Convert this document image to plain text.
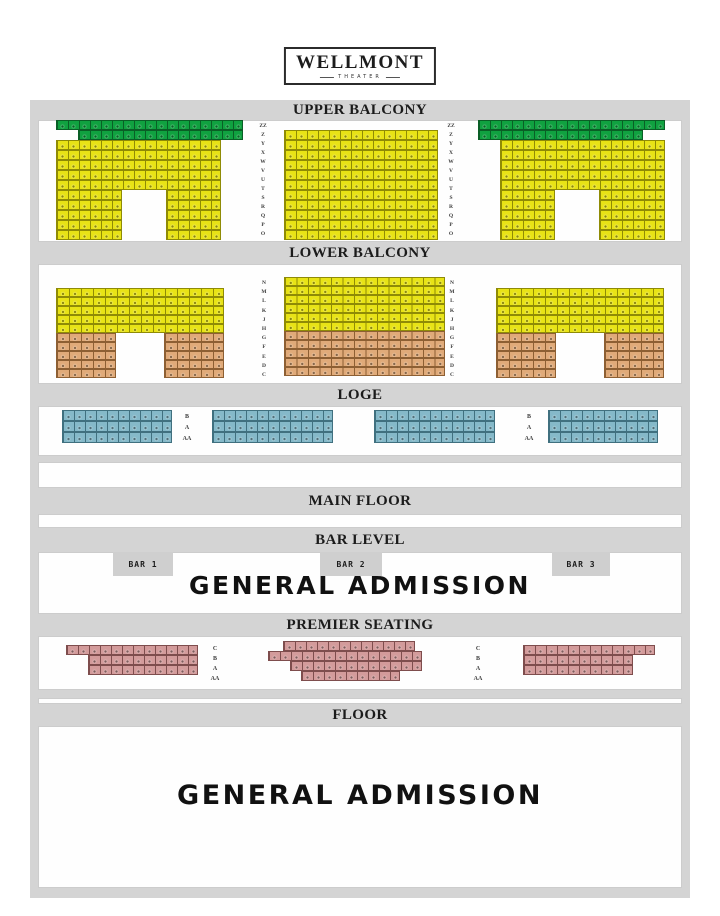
WELLMONT
THEATER
UPPER BALCONY
LOWER BALCONY
LOGE
MAIN FLOOR
BAR LEVEL
PREMIER SEATING
FLOOR
ZZ
Z
Y
X
W
V
U
T
S
R
Q
P
O
ZZ
Z
Y
X
W
V
U
T
S
R
Q
P
O
N
M
L
K
J
H
G
F
E
D
C
N
M
L
K
J
H
G
F
E
D
C
B
A
AA
B
A
AA
C
B
A
AA
C
B
A
AA
BAR 1	BAR 2	BAR 3
GENERAL ADMISSION
GENERAL ADMISSION
